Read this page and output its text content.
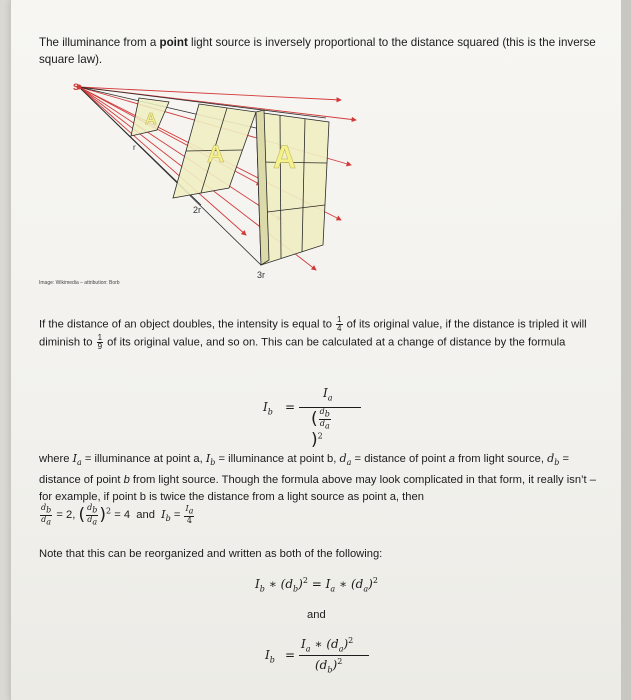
The illuminance from a point light source is inversely proportional to the distance squared (this is the inverse square law).

A
A A
S
r
2r
3r
Image: Wikimedia – attribution: Borb

If the distance of an object doubles, the intensity is equal to $\frac{1}{4}$ of its original value, if the distance is tripled it will diminish to $\frac{1}{9}$ of its original value, and so on. This can be calculated at a change of distance by the formula

$I_b$ =
$I_a$
( $\frac{d_b}{d_a}$
)$^2$

where $I_a$ = illuminance at point a, $I_b$ = illuminance at point b, $d_a$ = distance of point a from light source, $d_b$ = distance of point b from light source. Though the formula above may look complicated in that form, it really isn’t – for example, if point b is twice the distance from a light source as point a, then

$\frac{d_b}{d_a} = 2$, ( $\frac{d_b}{d_a} )^2 = 4$ and $I_b = \frac{I_a}{4}$

Note that this can be reorganized and written as both of the following:

$I_b$ ∗ $(d_b)^2 = I_a$ ∗ $(d_a)^2$
and
$I_b$ =
$I_a$ ∗ $(d_a)^2$
$(d_b)^2$
